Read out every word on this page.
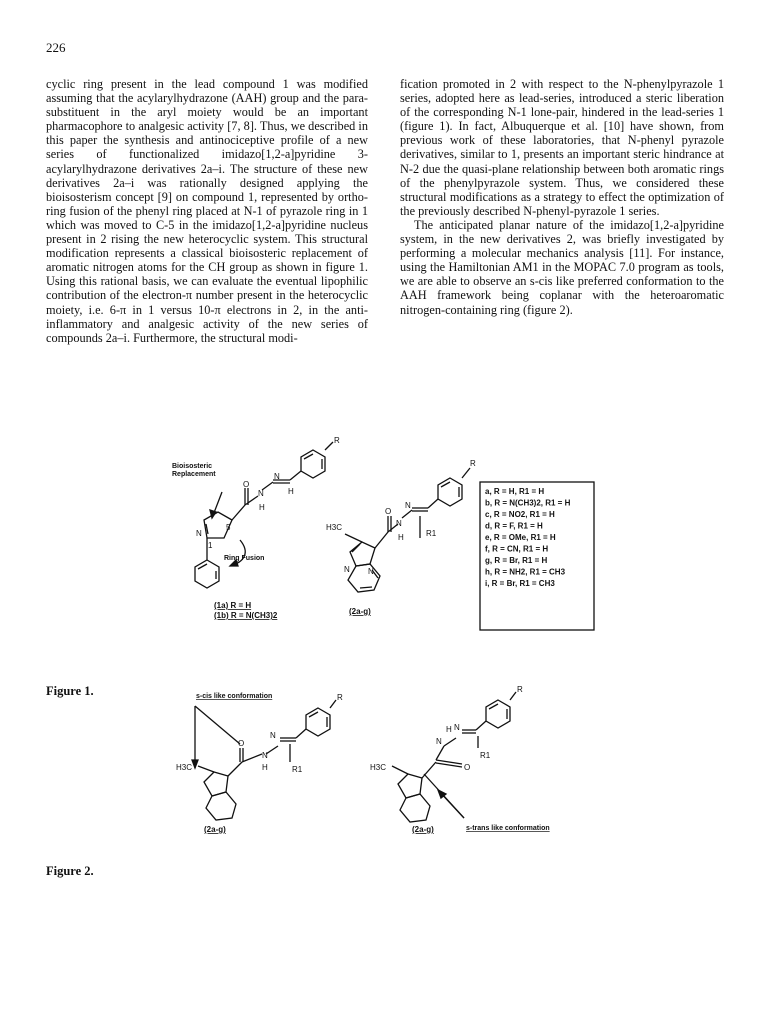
226

cyclic ring present in the lead compound 1 was modified assuming that the acylarylhydrazone (AAH) group and the para-substituent in the aryl moiety would be an important pharmacophore to analgesic activity [7, 8]. Thus, we described in this paper the synthesis and antinociceptive profile of a new series of functionalized imidazo[1,2-a]pyridine 3-acylarylhydrazone derivatives 2a–i. The structure of these new derivatives 2a–i was rationally designed applying the bioisosterism concept [9] on compound 1, represented by ortho-ring fusion of the phenyl ring placed at N-1 of pyrazole ring in 1 which was moved to C-5 in the imidazo[1,2-a]pyridine nucleus present in 2 rising the new heterocyclic system. This structural modification represents a classical bioisosteric replacement of aromatic nitrogen atoms for the CH group as shown in figure 1. Using this rational basis, we can evaluate the eventual lipophilic contribution of the electron-π number present in the heterocyclic moiety, i.e. 6-π in 1 versus 10-π electrons in 2, in the anti-inflammatory and analgesic activity of the new series of compounds 2a–i. Furthermore, the structural modi-

fication promoted in 2 with respect to the N-phenylpyrazole 1 series, adopted here as lead-series, introduced a steric liberation of the corresponding N-1 lone-pair, hindered in the lead-series 1 (figure 1). In fact, Albuquerque et al. [10] have shown, from previous work of these laboratories, that N-phenyl pyrazole derivatives, similar to 1, presents an important steric hindrance at N-2 due the quasi-plane relationship between both aromatic rings of the phenylpyrazole system. Thus, we considered these structural modifications as a strategy to effect the optimization of the previously described N-phenyl-pyrazole 1 series.

The anticipated planar nature of the imidazo[1,2-a]pyridine system, in the new derivatives 2, was briefly investigated by performing a molecular mechanics analysis [11]. For instance, using the Hamiltonian AM1 in the MOPAC 7.0 program as tools, we are able to observe an s-cis like preferred conformation to the AAH framework being coplanar with the heteroaromatic nitrogen-containing ring (figure 2).

Bioisosteric
Replacement
Ring Fusion
R
O
N
N	H
H
5
N
1
R
O
N
N
H	R1
H3C
N N
(1a) R = H
(1b) R = N(CH3)2	(2a-g)
a, R = H, R1 = H
b, R = N(CH3)2, R1 = H
c, R = NO2, R1 = H
d, R = F, R1 = H
e, R = OMe, R1 = H
f, R = CN, R1 = H
g, R = Br, R1 = H
h, R = NH2, R1 = CH3
i, R = Br, R1 = CH3
Figure 1.	s-cis like conformation	R
O
N
N
H	R1
H3C
(2a-g)
R
H N
N
R1
O
H3C
(2a-g)	s-trans like conformation
Figure 2.
